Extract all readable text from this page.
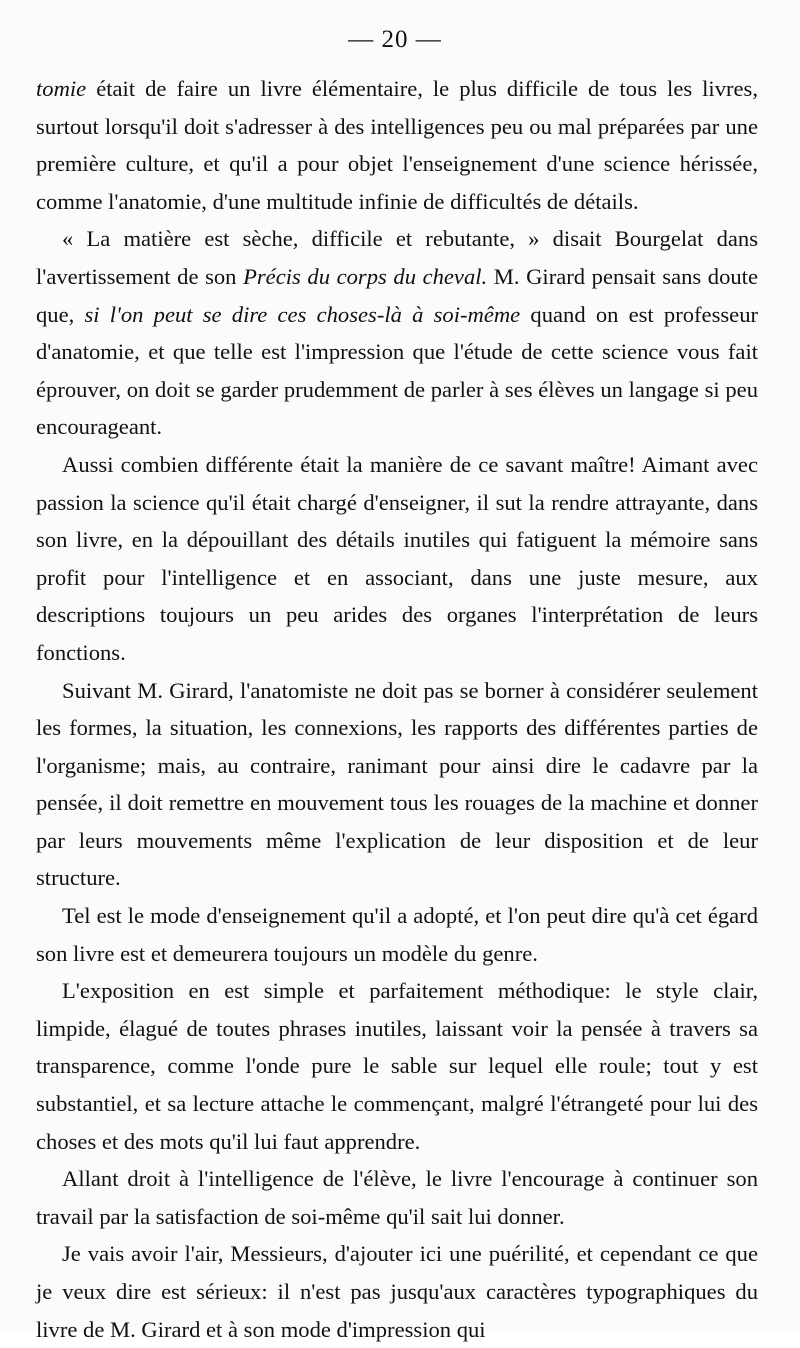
— 20 —

tomie était de faire un livre élémentaire, le plus difficile de tous les livres, surtout lorsqu'il doit s'adresser à des intelligences peu ou mal préparées par une première culture, et qu'il a pour objet l'enseignement d'une science hérissée, comme l'anatomie, d'une multitude infinie de difficultés de détails.

« La matière est sèche, difficile et rebutante, » disait Bourgelat dans l'avertissement de son Précis du corps du cheval. M. Girard pensait sans doute que, si l'on peut se dire ces choses-là à soi-même quand on est professeur d'anatomie, et que telle est l'impression que l'étude de cette science vous fait éprouver, on doit se garder prudemment de parler à ses élèves un langage si peu encourageant.

Aussi combien différente était la manière de ce savant maître! Aimant avec passion la science qu'il était chargé d'enseigner, il sut la rendre attrayante, dans son livre, en la dépouillant des détails inutiles qui fatiguent la mémoire sans profit pour l'intelligence et en associant, dans une juste mesure, aux descriptions toujours un peu arides des organes l'interprétation de leurs fonctions.

Suivant M. Girard, l'anatomiste ne doit pas se borner à considérer seulement les formes, la situation, les connexions, les rapports des différentes parties de l'organisme; mais, au contraire, ranimant pour ainsi dire le cadavre par la pensée, il doit remettre en mouvement tous les rouages de la machine et donner par leurs mouvements même l'explication de leur disposition et de leur structure.

Tel est le mode d'enseignement qu'il a adopté, et l'on peut dire qu'à cet égard son livre est et demeurera toujours un modèle du genre.

L'exposition en est simple et parfaitement méthodique: le style clair, limpide, élagué de toutes phrases inutiles, laissant voir la pensée à travers sa transparence, comme l'onde pure le sable sur lequel elle roule; tout y est substantiel, et sa lecture attache le commençant, malgré l'étrangeté pour lui des choses et des mots qu'il lui faut apprendre.

Allant droit à l'intelligence de l'élève, le livre l'encourage à continuer son travail par la satisfaction de soi-même qu'il sait lui donner.

Je vais avoir l'air, Messieurs, d'ajouter ici une puérilité, et cependant ce que je veux dire est sérieux: il n'est pas jusqu'aux caractères typographiques du livre de M. Girard et à son mode d'impression qui
